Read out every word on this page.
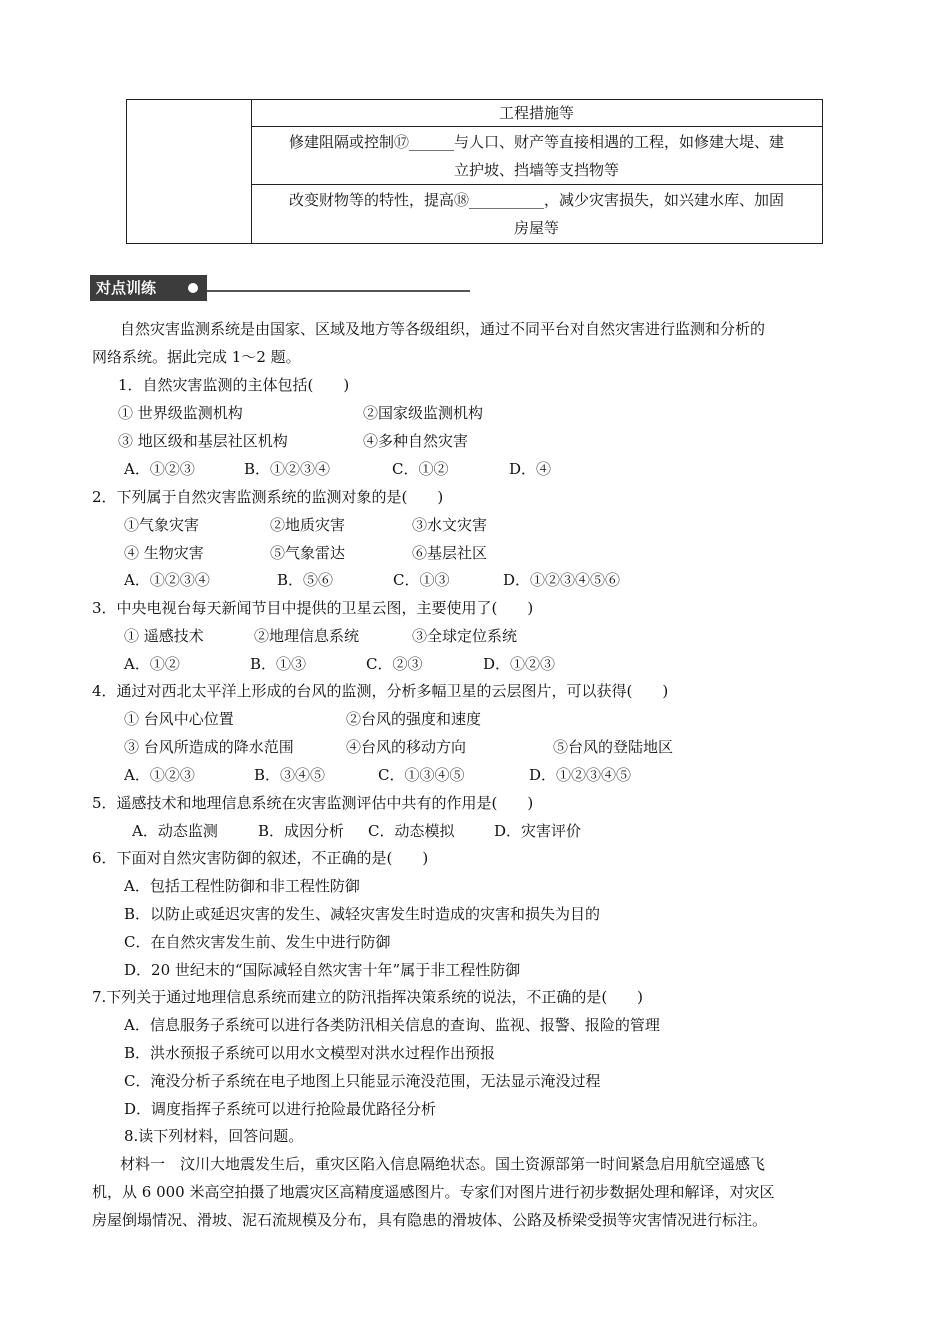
工程措施等
修建阻隔或控制⑰______与人口、财产等直接相遇的工程，如修建大堤、建
立护坡、挡墙等支挡物等
改变财物等的特性，提高⑱__________，减少灾害损失，如兴建水库、加固
房屋等
对点训练
自然灾害监测系统是由国家、区域及地方等各级组织，通过不同平台对自然灾害进行监测和分析的
网络系统。据此完成 1～2 题。
1．自然灾害监测的主体包括(　　)
① 世界级监测机构	②国家级监测机构
③ 地区级和基层社区机构	④多种自然灾害
A．①②③	B．①②③④	C．①②	D．④
2．下列属于自然灾害监测系统的监测对象的是(　　)
①气象灾害	②地质灾害	③水文灾害
④ 生物灾害	⑤气象雷达	⑥基层社区
A．①②③④	B．⑤⑥	C．①③	D．①②③④⑤⑥
3．中央电视台每天新闻节目中提供的卫星云图，主要使用了(　　)
① 遥感技术	②地理信息系统	③全球定位系统
A．①②	B．①③	C．②③	D．①②③
4．通过对西北太平洋上形成的台风的监测，分析多幅卫星的云层图片，可以获得(　　)
① 台风中心位置	②台风的强度和速度
③ 台风所造成的降水范围	④台风的移动方向	⑤台风的登陆地区
A．①②③	B．③④⑤	C．①③④⑤	D．①②③④⑤
5．遥感技术和地理信息系统在灾害监测评估中共有的作用是(　　)
A．动态监测	B．成因分析 C．动态模拟	D．灾害评价
6．下面对自然灾害防御的叙述，不正确的是(　　)
A．包括工程性防御和非工程性防御
B．以防止或延迟灾害的发生、减轻灾害发生时造成的灾害和损失为目的
C．在自然灾害发生前、发生中进行防御
D．20 世纪末的“国际减轻自然灾害十年”属于非工程性防御
7.下列关于通过地理信息系统而建立的防汛指挥决策系统的说法，不正确的是(　　)
A．信息服务子系统可以进行各类防汛相关信息的查询、监视、报警、报险的管理
B．洪水预报子系统可以用水文模型对洪水过程作出预报
C．淹没分析子系统在电子地图上只能显示淹没范围，无法显示淹没过程
D．调度指挥子系统可以进行抢险最优路径分析
8.读下列材料，回答问题。
材料一　汶川大地震发生后，重灾区陷入信息隔绝状态。国土资源部第一时间紧急启用航空遥感飞
机，从 6 000 米高空拍摄了地震灾区高精度遥感图片。专家们对图片进行初步数据处理和解译，对灾区
房屋倒塌情况、滑坡、泥石流规模及分布，具有隐患的滑坡体、公路及桥梁受损等灾害情况进行标注。
